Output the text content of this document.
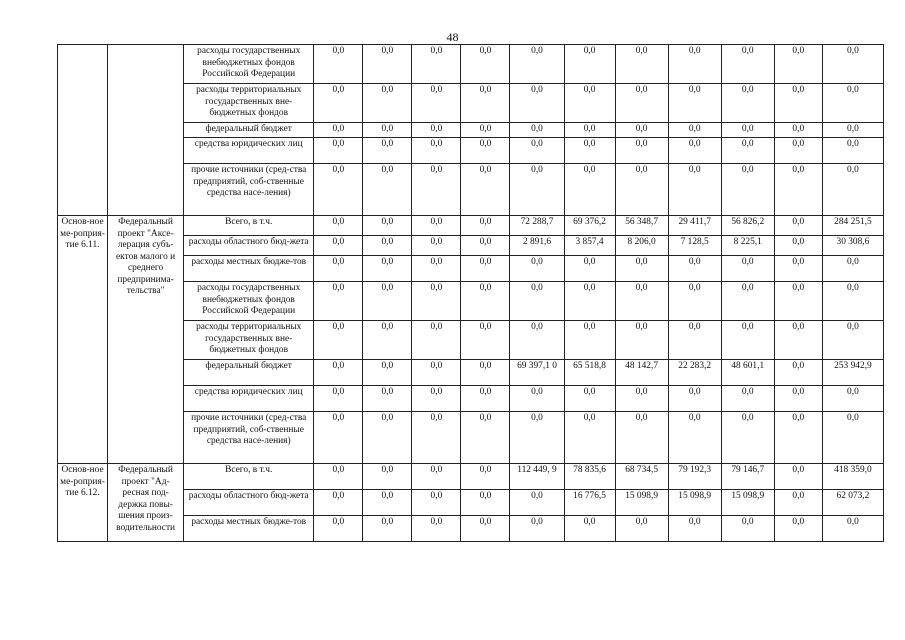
48
		расходы государственных внебюджетных фондов Российской Федерации	0,0	0,0	0,0	0,0	0,0	0,0	0,0	0,0	0,0	0,0	0,0
		расходы территориальных государственных вне-бюджетных фондов	0,0	0,0	0,0	0,0	0,0	0,0	0,0	0,0	0,0	0,0	0,0
		федеральный бюджет	0,0	0,0	0,0	0,0	0,0	0,0	0,0	0,0	0,0	0,0	0,0
		средства юридических лиц	0,0	0,0	0,0	0,0	0,0	0,0	0,0	0,0	0,0	0,0	0,0
		прочие источники (сред-ства предприятий, соб-ственные средства насе-ления)	0,0	0,0	0,0	0,0	0,0	0,0	0,0	0,0	0,0	0,0	0,0
Основ-ное ме-роприя-тие 6.11.	Федеральный проект "Аксе-лерация субъ-ектов малого и среднего предпринима-тельства"	Всего, в т.ч.	0,0	0,0	0,0	0,0	72 288,7	69 376,2	56 348,7	29 411,7	56 826,2	0,0	284 251,5
		расходы областного бюд-жета	0,0	0,0	0,0	0,0	2 891,6	3 857,4	8 206,0	7 128,5	8 225,1	0,0	30 308,6
		расходы местных бюдже-тов	0,0	0,0	0,0	0,0	0,0	0,0	0,0	0,0	0,0	0,0	0,0
		расходы государственных внебюджетных фондов Российской Федерации	0,0	0,0	0,0	0,0	0,0	0,0	0,0	0,0	0,0	0,0	0,0
		расходы территориальных государственных вне-бюджетных фондов	0,0	0,0	0,0	0,0	0,0	0,0	0,0	0,0	0,0	0,0	0,0
		федеральный бюджет	0,0	0,0	0,0	0,0	69 397,1 0	65 518,8	48 142,7	22 283,2	48 601,1	0,0	253 942,9
		средства юридических лиц	0,0	0,0	0,0	0,0	0,0	0,0	0,0	0,0	0,0	0,0	0,0
		прочие источники (сред-ства предприятий, соб-ственные средства насе-ления)	0,0	0,0	0,0	0,0	0,0	0,0	0,0	0,0	0,0	0,0	0,0
Основ-ное ме-роприя-тие 6.12.	Федеральный проект "Ад-ресная под-держка повы-шения произ-водительности	Всего, в т.ч.	0,0	0,0	0,0	0,0	112 449, 9	78 835,6	68 734,5	79 192,3	79 146,7	0,0	418 359,0
		расходы областного бюд-жета	0,0	0,0	0,0	0,0	0,0	16 776,5	15 098,9	15 098,9	15 098,9	0,0	62 073,2
		расходы местных бюдже-тов	0,0	0,0	0,0	0,0	0,0	0,0	0,0	0,0	0,0	0,0	0,0
